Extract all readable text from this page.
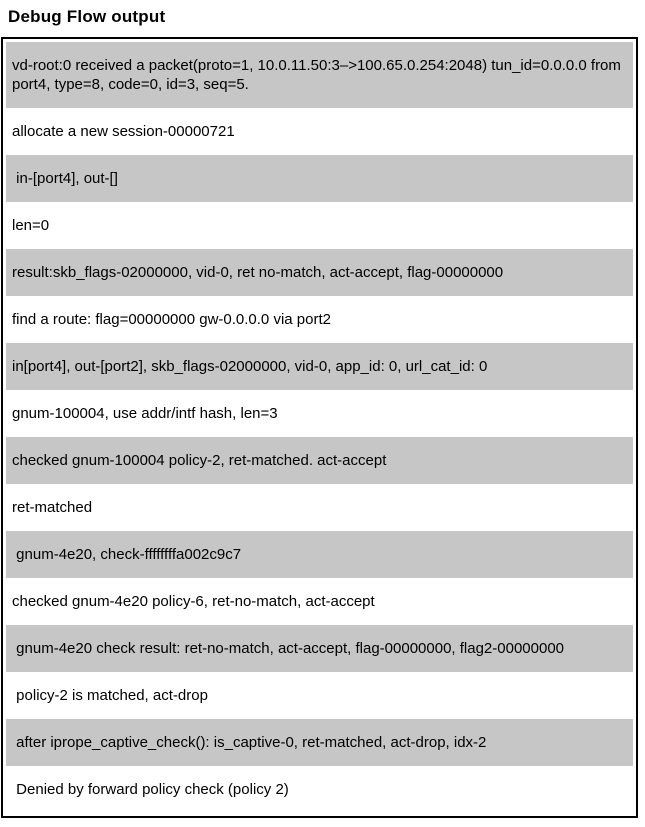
Debug Flow output
vd-root:0 received a packet(proto=1, 10.0.11.50:3–>100.65.0.254:2048) tun_id=0.0.0.0 from port4, type=8, code=0, id=3, seq=5.
allocate a new session-00000721
in-[port4], out-[]
len=0
result:skb_flags-02000000, vid-0, ret no-match, act-accept, flag-00000000
find a route: flag=00000000 gw-0.0.0.0 via port2
in[port4], out-[port2], skb_flags-02000000, vid-0, app_id: 0, url_cat_id: 0
gnum-100004, use addr/intf hash, len=3
checked gnum-100004 policy-2, ret-matched. act-accept
ret-matched
gnum-4e20, check-ffffffffa002c9c7
checked gnum-4e20 policy-6, ret-no-match, act-accept
gnum-4e20 check result: ret-no-match, act-accept, flag-00000000, flag2-00000000
policy-2 is matched, act-drop
after iprope_captive_check(): is_captive-0, ret-matched, act-drop, idx-2
Denied by forward policy check (policy 2)
